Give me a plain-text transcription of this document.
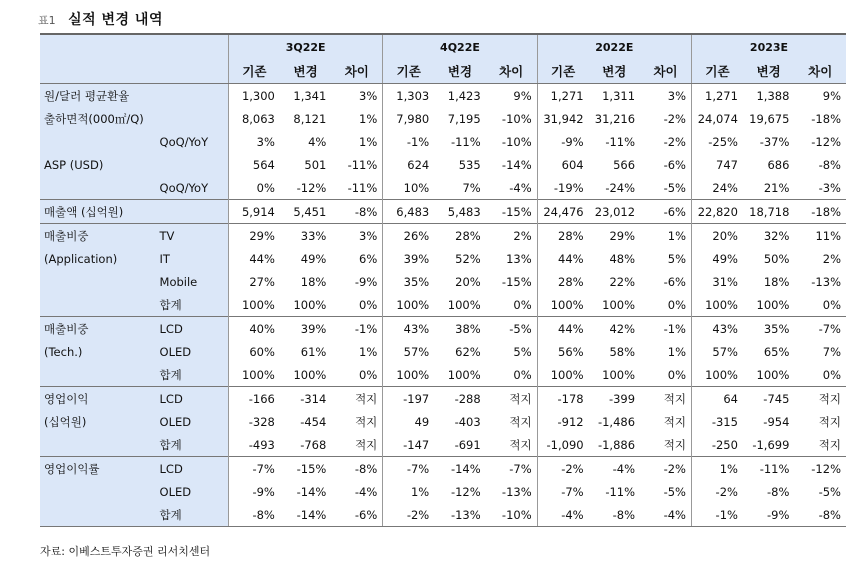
표1 실적 변경 내역
		3Q22E			4Q22E			2022E			2023E		
		기존	변경	차이	기존	변경	차이	기존	변경	차이	기존	변경	차이
원/달러 평균환율		1,300	1,341	3%	1,303	1,423	9%	1,271	1,311	3%	1,271	1,388	9%
출하면적(000㎡/Q)		8,063	8,121	1%	7,980	7,195	-10%	31,942	31,216	-2%	24,074	19,675	-18%
	QoQ/YoY	3%	4%	1%	-1%	-11%	-10%	-9%	-11%	-2%	-25%	-37%	-12%
ASP (USD)		564	501	-11%	624	535	-14%	604	566	-6%	747	686	-8%
	QoQ/YoY	0%	-12%	-11%	10%	7%	-4%	-19%	-24%	-5%	24%	21%	-3%
매출액 (십억원)		5,914	5,451	-8%	6,483	5,483	-15%	24,476	23,012	-6%	22,820	18,718	-18%
매출비중	TV	29%	33%	3%	26%	28%	2%	28%	29%	1%	20%	32%	11%
(Application)	IT	44%	49%	6%	39%	52%	13%	44%	48%	5%	49%	50%	2%
	Mobile	27%	18%	-9%	35%	20%	-15%	28%	22%	-6%	31%	18%	-13%
	합계	100%	100%	0%	100%	100%	0%	100%	100%	0%	100%	100%	0%
매출비중	LCD	40%	39%	-1%	43%	38%	-5%	44%	42%	-1%	43%	35%	-7%
(Tech.)	OLED	60%	61%	1%	57%	62%	5%	56%	58%	1%	57%	65%	7%
	합계	100%	100%	0%	100%	100%	0%	100%	100%	0%	100%	100%	0%
영업이익	LCD	-166	-314	적지	-197	-288	적지	-178	-399	적지	64	-745	적지
(십억원)	OLED	-328	-454	적지	49	-403	적지	-912	-1,486	적지	-315	-954	적지
	합계	-493	-768	적지	-147	-691	적지	-1,090	-1,886	적지	-250	-1,699	적지
영업이익률	LCD	-7%	-15%	-8%	-7%	-14%	-7%	-2%	-4%	-2%	1%	-11%	-12%
	OLED	-9%	-14%	-4%	1%	-12%	-13%	-7%	-11%	-5%	-2%	-8%	-5%
	합계	-8%	-14%	-6%	-2%	-13%	-10%	-4%	-8%	-4%	-1%	-9%	-8%
자료: 이베스트투자증권 리서치센터
